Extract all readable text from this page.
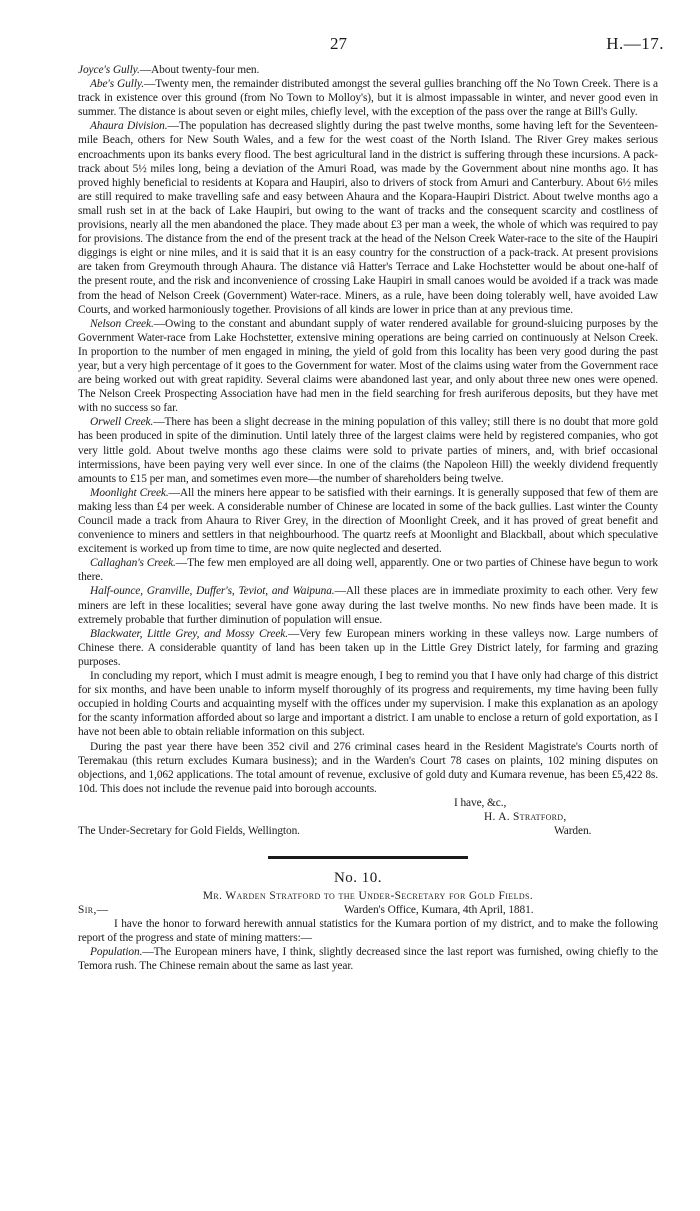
27	H.—17.

Joyce's Gully.—About twenty-four men.

Abe's Gully.—Twenty men, the remainder distributed amongst the several gullies branching off the No Town Creek. There is a track in existence over this ground (from No Town to Molloy's), but it is almost impassable in winter, and never good even in summer. The distance is about seven or eight miles, chiefly level, with the exception of the pass over the range at Bill's Gully.

Ahaura Division.—The population has decreased slightly during the past twelve months, some having left for the Seventeen-mile Beach, others for New South Wales, and a few for the west coast of the North Island. The River Grey makes serious encroachments upon its banks every flood. The best agricultural land in the district is suffering through these incursions. A pack-track about 5½ miles long, being a deviation of the Amuri Road, was made by the Government about nine months ago. It has proved highly beneficial to residents at Kopara and Haupiri, also to drivers of stock from Amuri and Canterbury. About 6½ miles are still required to make travelling safe and easy between Ahaura and the Kopara-Haupiri District. About twelve months ago a small rush set in at the back of Lake Haupiri, but owing to the want of tracks and the consequent scarcity and costliness of provisions, nearly all the men abandoned the place. They made about £3 per man a week, the whole of which was required to pay for provisions. The distance from the end of the present track at the head of the Nelson Creek Water-race to the site of the Haupiri diggings is eight or nine miles, and it is said that it is an easy country for the construction of a pack-track. At present provisions are taken from Greymouth through Ahaura. The distance viâ Hatter's Terrace and Lake Hochstetter would be about one-half of the present route, and the risk and inconvenience of crossing Lake Haupiri in small canoes would be avoided if a track was made from the head of Nelson Creek (Government) Water-race. Miners, as a rule, have been doing tolerably well, have avoided Law Courts, and worked harmoniously together. Provisions of all kinds are lower in price than at any previous time.

Nelson Creek.—Owing to the constant and abundant supply of water rendered available for ground-sluicing purposes by the Government Water-race from Lake Hochstetter, extensive mining operations are being carried on continuously at Nelson Creek. In proportion to the number of men engaged in mining, the yield of gold from this locality has been very good during the past year, but a very high percentage of it goes to the Government for water. Most of the claims using water from the Government race are being worked out with great rapidity. Several claims were abandoned last year, and only about three new ones were opened. The Nelson Creek Prospecting Association have had men in the field searching for fresh auriferous deposits, but they have met with no success so far.

Orwell Creek.—There has been a slight decrease in the mining population of this valley; still there is no doubt that more gold has been produced in spite of the diminution. Until lately three of the largest claims were held by registered companies, who got very little gold. About twelve months ago these claims were sold to private parties of miners, and, with brief occasional intermissions, have been paying very well ever since. In one of the claims (the Napoleon Hill) the weekly dividend frequently amounts to £15 per man, and sometimes even more—the number of shareholders being twelve.

Moonlight Creek.—All the miners here appear to be satisfied with their earnings. It is generally supposed that few of them are making less than £4 per week. A considerable number of Chinese are located in some of the back gullies. Last winter the County Council made a track from Ahaura to River Grey, in the direction of Moonlight Creek, and it has proved of great benefit and convenience to miners and settlers in that neighbourhood. The quartz reefs at Moonlight and Blackball, about which speculative excitement is worked up from time to time, are now quite neglected and deserted.

Callaghan's Creek.—The few men employed are all doing well, apparently. One or two parties of Chinese have begun to work there.

Half-ounce, Granville, Duffer's, Teviot, and Waipuna.—All these places are in immediate proximity to each other. Very few miners are left in these localities; several have gone away during the last twelve months. No new finds have been made. It is extremely probable that further diminution of population will ensue.

Blackwater, Little Grey, and Mossy Creek.—Very few European miners working in these valleys now. Large numbers of Chinese there. A considerable quantity of land has been taken up in the Little Grey District lately, for farming and grazing purposes.

In concluding my report, which I must admit is meagre enough, I beg to remind you that I have only had charge of this district for six months, and have been unable to inform myself thoroughly of its progress and requirements, my time having been fully occupied in holding Courts and acquainting myself with the offices under my supervision. I make this explanation as an apology for the scanty information afforded about so large and important a district. I am unable to enclose a return of gold exportation, as I have not been able to obtain reliable information on this subject.

During the past year there have been 352 civil and 276 criminal cases heard in the Resident Magistrate's Courts north of Teremakau (this return excludes Kumara business); and in the Warden's Court 78 cases on plaints, 102 mining disputes on objections, and 1,062 applications. The total amount of revenue, exclusive of gold duty and Kumara revenue, has been £5,422 8s. 10d. This does not include the revenue paid into borough accounts.

I have, &c.,
H. A. Stratford,
The Under-Secretary for Gold Fields, Wellington.	Warden.
No. 10.
Mr. Warden Stratford to the Under-Secretary for Gold Fields.
Sir,—	Warden's Office, Kumara, 4th April, 1881.

I have the honor to forward herewith annual statistics for the Kumara portion of my district, and to make the following report of the progress and state of mining matters:—

Population.—The European miners have, I think, slightly decreased since the last report was furnished, owing chiefly to the Temora rush. The Chinese remain about the same as last year.
